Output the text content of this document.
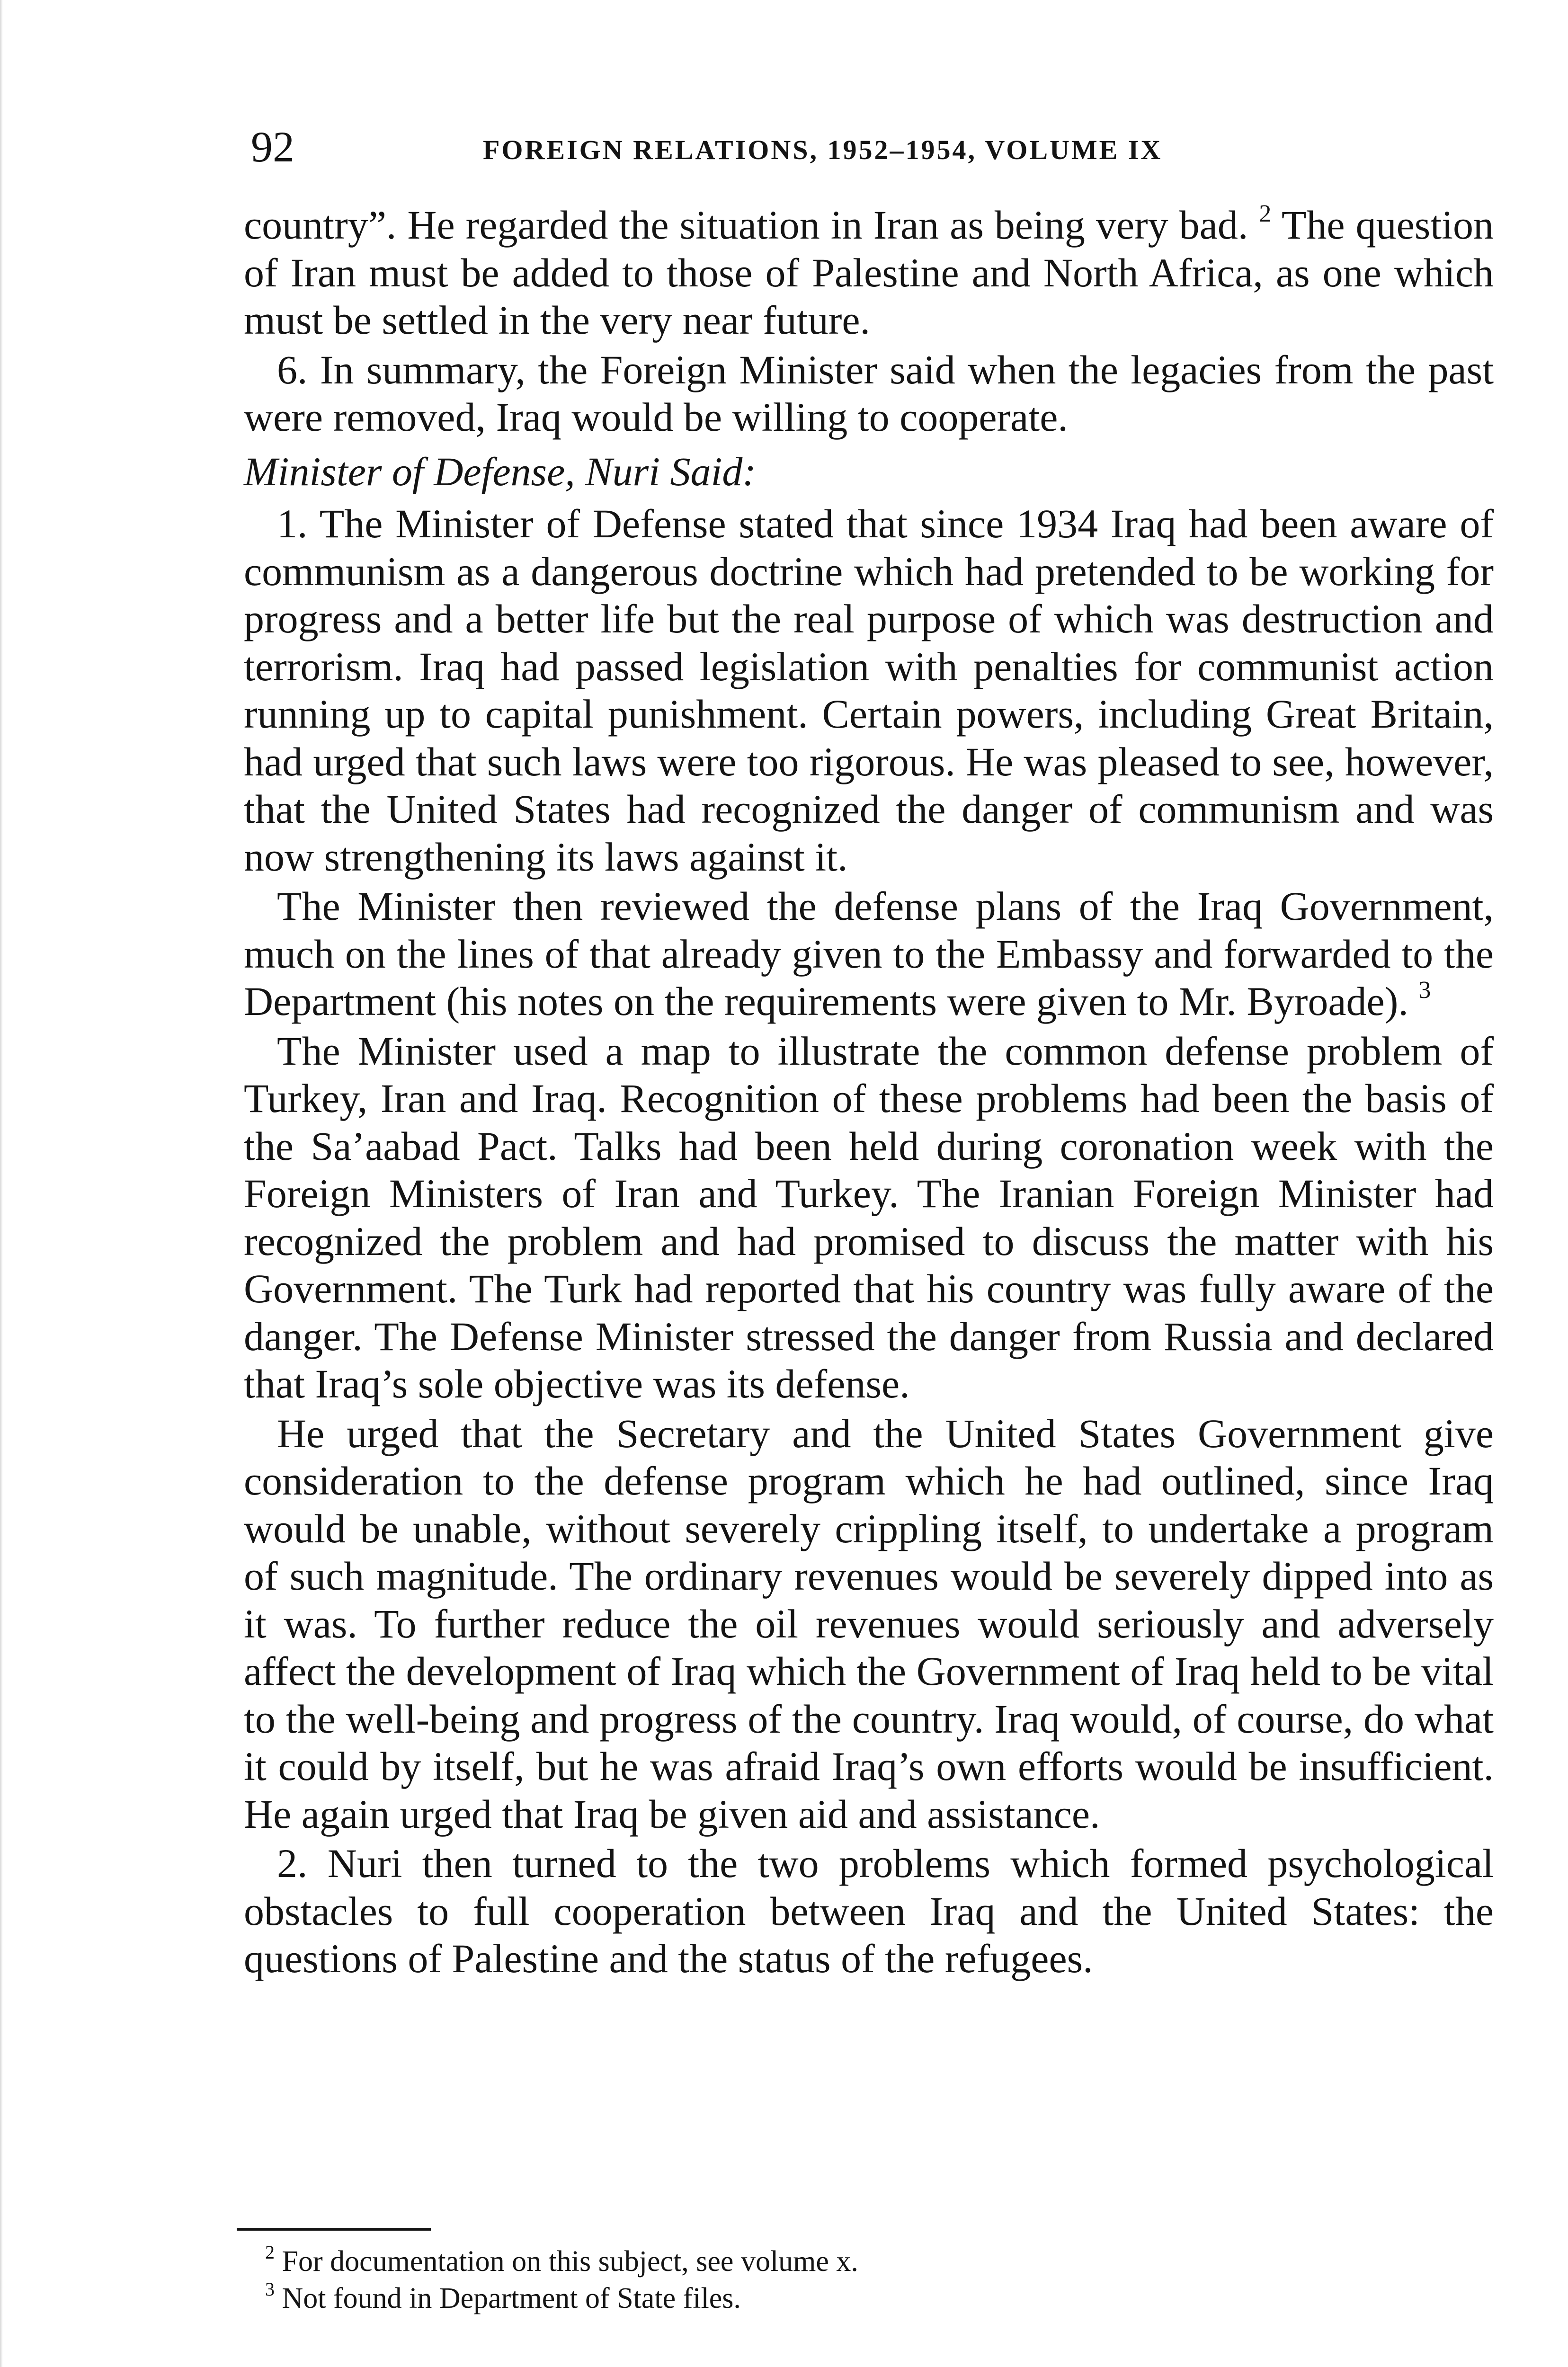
92	FOREIGN RELATIONS, 1952–1954, VOLUME IX

country”. He regarded the situation in Iran as being very bad. $^2$ The question of Iran must be added to those of Palestine and North Africa, as one which must be settled in the very near future.

6. In summary, the Foreign Minister said when the legacies from the past were removed, Iraq would be willing to cooperate.

Minister of Defense, Nuri Said:

1. The Minister of Defense stated that since 1934 Iraq had been aware of communism as a dangerous doctrine which had pretended to be working for progress and a better life but the real purpose of which was destruction and terrorism. Iraq had passed legislation with penalties for communist action running up to capital punishment. Certain powers, including Great Britain, had urged that such laws were too rigorous. He was pleased to see, however, that the United States had recognized the danger of communism and was now strengthening its laws against it.

The Minister then reviewed the defense plans of the Iraq Government, much on the lines of that already given to the Embassy and forwarded to the Department (his notes on the requirements were given to Mr. Byroade). $^3$

The Minister used a map to illustrate the common defense problem of Turkey, Iran and Iraq. Recognition of these problems had been the basis of the Sa’aabad Pact. Talks had been held during coronation week with the Foreign Ministers of Iran and Turkey. The Iranian Foreign Minister had recognized the problem and had promised to discuss the matter with his Government. The Turk had reported that his country was fully aware of the danger. The Defense Minister stressed the danger from Russia and declared that Iraq’s sole objective was its defense.

He urged that the Secretary and the United States Government give consideration to the defense program which he had outlined, since Iraq would be unable, without severely crippling itself, to undertake a program of such magnitude. The ordinary revenues would be severely dipped into as it was. To further reduce the oil revenues would seriously and adversely affect the development of Iraq which the Government of Iraq held to be vital to the well-being and progress of the country. Iraq would, of course, do what it could by itself, but he was afraid Iraq’s own efforts would be insufficient. He again urged that Iraq be given aid and assistance.

2. Nuri then turned to the two problems which formed psychological obstacles to full cooperation between Iraq and the United States: the questions of Palestine and the status of the refugees.

$^2$ For documentation on this subject, see volume x.

$^3$ Not found in Department of State files.
